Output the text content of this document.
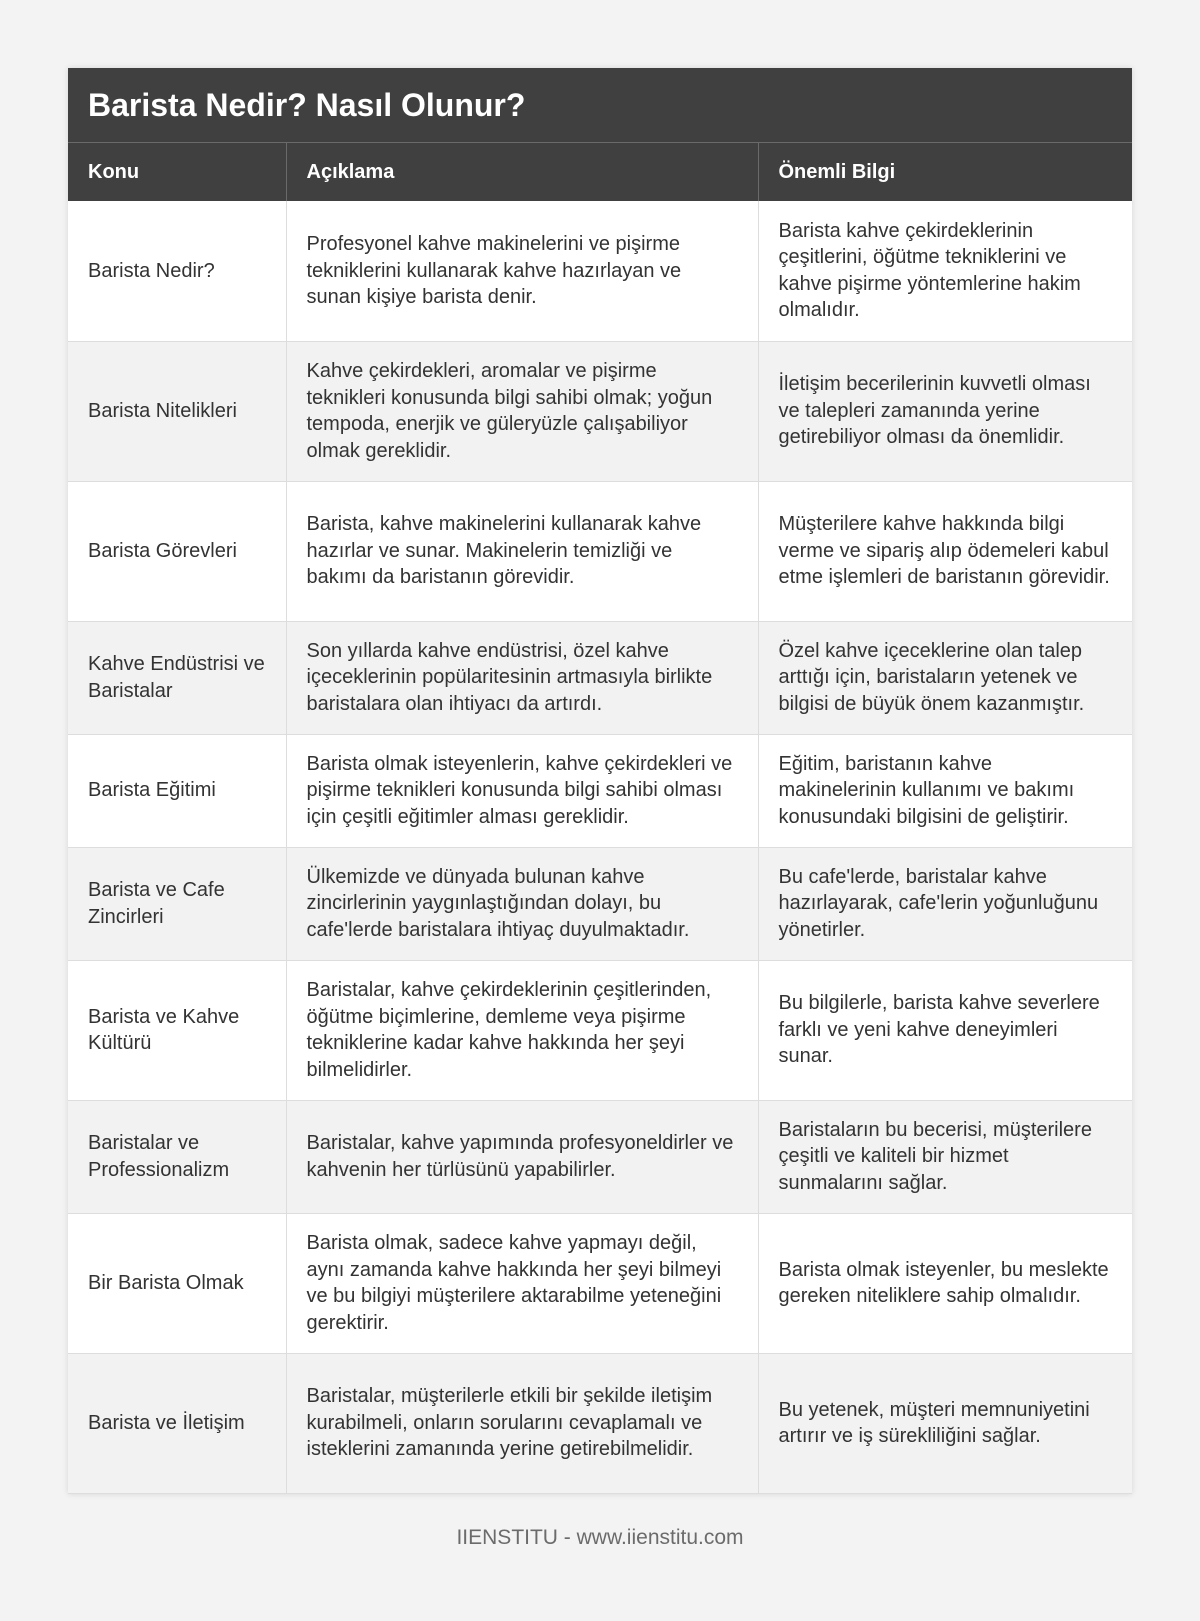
Barista Nedir? Nasıl Olunur?
Konu	Açıklama	Önemli Bilgi
Barista Nedir?	Profesyonel kahve makinelerini ve pişirme tekniklerini kullanarak kahve hazırlayan ve sunan kişiye barista denir.	Barista kahve çekirdeklerinin çeşitlerini, öğütme tekniklerini ve kahve pişirme yöntemlerine hakim olmalıdır.
Barista Nitelikleri	Kahve çekirdekleri, aromalar ve pişirme teknikleri konusunda bilgi sahibi olmak; yoğun tempoda, enerjik ve güleryüzle çalışabiliyor olmak gereklidir.	İletişim becerilerinin kuvvetli olması ve talepleri zamanında yerine getirebiliyor olması da önemlidir.
Barista Görevleri	Barista, kahve makinelerini kullanarak kahve hazırlar ve sunar. Makinelerin temizliği ve bakımı da baristanın görevidir.	Müşterilere kahve hakkında bilgi verme ve sipariş alıp ödemeleri kabul etme işlemleri de baristanın görevidir.
Kahve Endüstrisi ve Baristalar	Son yıllarda kahve endüstrisi, özel kahve içeceklerinin popülaritesinin artmasıyla birlikte baristalara olan ihtiyacı da artırdı.	Özel kahve içeceklerine olan talep arttığı için, baristaların yetenek ve bilgisi de büyük önem kazanmıştır.
Barista Eğitimi	Barista olmak isteyenlerin, kahve çekirdekleri ve pişirme teknikleri konusunda bilgi sahibi olması için çeşitli eğitimler alması gereklidir.	Eğitim, baristanın kahve makinelerinin kullanımı ve bakımı konusundaki bilgisini de geliştirir.
Barista ve Cafe Zincirleri	Ülkemizde ve dünyada bulunan kahve zincirlerinin yaygınlaştığından dolayı, bu cafe'lerde baristalara ihtiyaç duyulmaktadır.	Bu cafe'lerde, baristalar kahve hazırlayarak, cafe'lerin yoğunluğunu yönetirler.
Barista ve Kahve Kültürü	Baristalar, kahve çekirdeklerinin çeşitlerinden, öğütme biçimlerine, demleme veya pişirme tekniklerine kadar kahve hakkında her şeyi bilmelidirler.	Bu bilgilerle, barista kahve severlere farklı ve yeni kahve deneyimleri sunar.
Baristalar ve Professionalizm	Baristalar, kahve yapımında profesyoneldirler ve kahvenin her türlüsünü yapabilirler.	Baristaların bu becerisi, müşterilere çeşitli ve kaliteli bir hizmet sunmalarını sağlar.
Bir Barista Olmak	Barista olmak, sadece kahve yapmayı değil, aynı zamanda kahve hakkında her şeyi bilmeyi ve bu bilgiyi müşterilere aktarabilme yeteneğini gerektirir.	Barista olmak isteyenler, bu meslekte gereken niteliklere sahip olmalıdır.
Barista ve İletişim	Baristalar, müşterilerle etkili bir şekilde iletişim kurabilmeli, onların sorularını cevaplamalı ve isteklerini zamanında yerine getirebilmelidir.	Bu yetenek, müşteri memnuniyetini artırır ve iş sürekliliğini sağlar.
IIENSTITU - www.iienstitu.com
